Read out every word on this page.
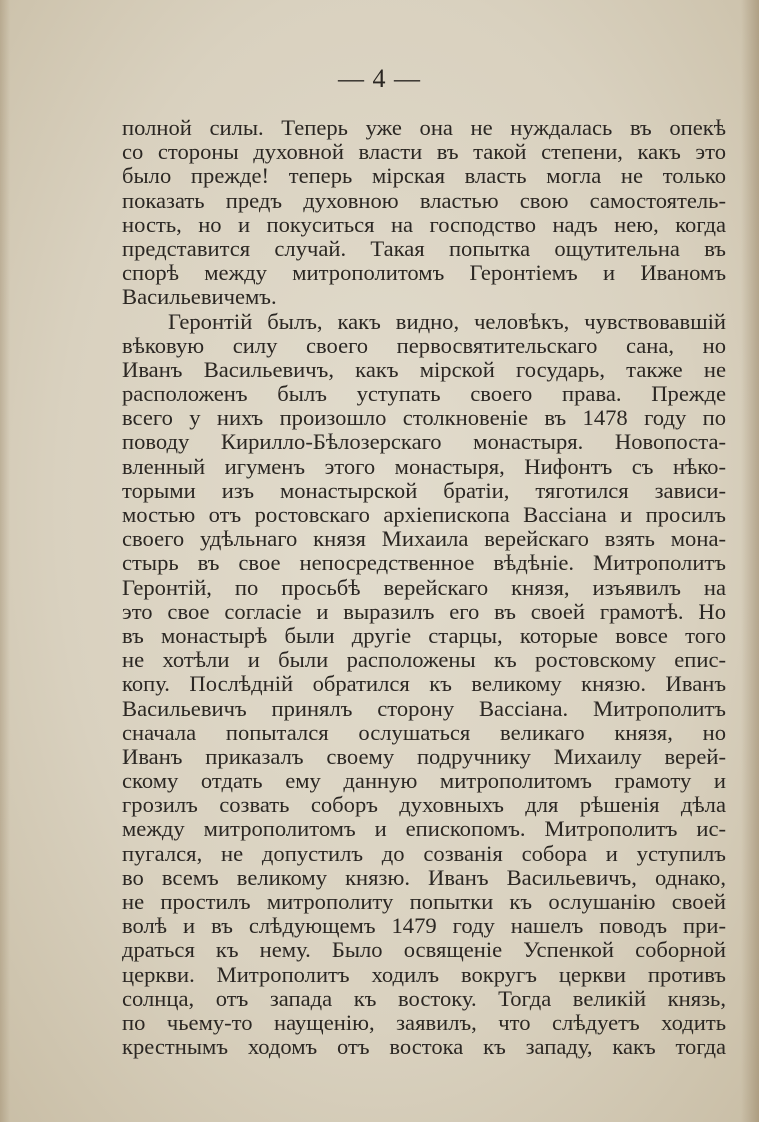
— 4 —
полной силы. Теперь уже она не нуждалась въ опекѣ
со стороны духовной власти въ такой степени, какъ это
было прежде! теперь мірская власть могла не только
показать предъ духовною властью свою самостоятель-
ность, но и покуситься на господство надъ нею, когда
представится случай. Такая попытка ощутительна въ
спорѣ между митрополитомъ Геронтіемъ и Иваномъ
Васильевичемъ.
Геронтій былъ, какъ видно, человѣкъ, чувствовавшій
вѣковую силу своего первосвятительскаго сана, но
Иванъ Васильевичъ, какъ мірской государь, также не
расположенъ былъ уступать своего права. Прежде
всего у нихъ произошло столкновеніе въ 1478 году по
поводу Кирилло-Бѣлозерскаго монастыря. Новопоста-
вленный игуменъ этого монастыря, Нифонтъ съ нѣко-
торыми изъ монастырской братіи, тяготился зависи-
мостью отъ ростовскаго архіепископа Вассіана и просилъ
своего удѣльнаго князя Михаила верейскаго взять мона-
стырь въ свое непосредственное вѣдѣніе. Митрополитъ
Геронтій, по просьбѣ верейскаго князя, изъявилъ на
это свое согласіе и выразилъ его въ своей грамотѣ. Но
въ монастырѣ были другіе старцы, которые вовсе того
не хотѣли и были расположены къ ростовскому епис-
копу. Послѣдній обратился къ великому князю. Иванъ
Васильевичъ принялъ сторону Вассіана. Митрополитъ
сначала попытался ослушаться великаго князя, но
Иванъ приказалъ своему подручнику Михаилу верей-
скому отдать ему данную митрополитомъ грамоту и
грозилъ созвать соборъ духовныхъ для рѣшенія дѣла
между митрополитомъ и епископомъ. Митрополитъ ис-
пугался, не допустилъ до созванія собора и уступилъ
во всемъ великому князю. Иванъ Васильевичъ, однако,
не простилъ митрополиту попытки къ ослушанію своей
волѣ и въ слѣдующемъ 1479 году нашелъ поводъ при-
драться къ нему. Было освященіе Успенкой соборной
церкви. Митрополитъ ходилъ вокругъ церкви противъ
солнца, отъ запада къ востоку. Тогда великій князь,
по чьему-то наущенію, заявилъ, что слѣдуетъ ходить
крестнымъ ходомъ отъ востока къ западу, какъ тогда
